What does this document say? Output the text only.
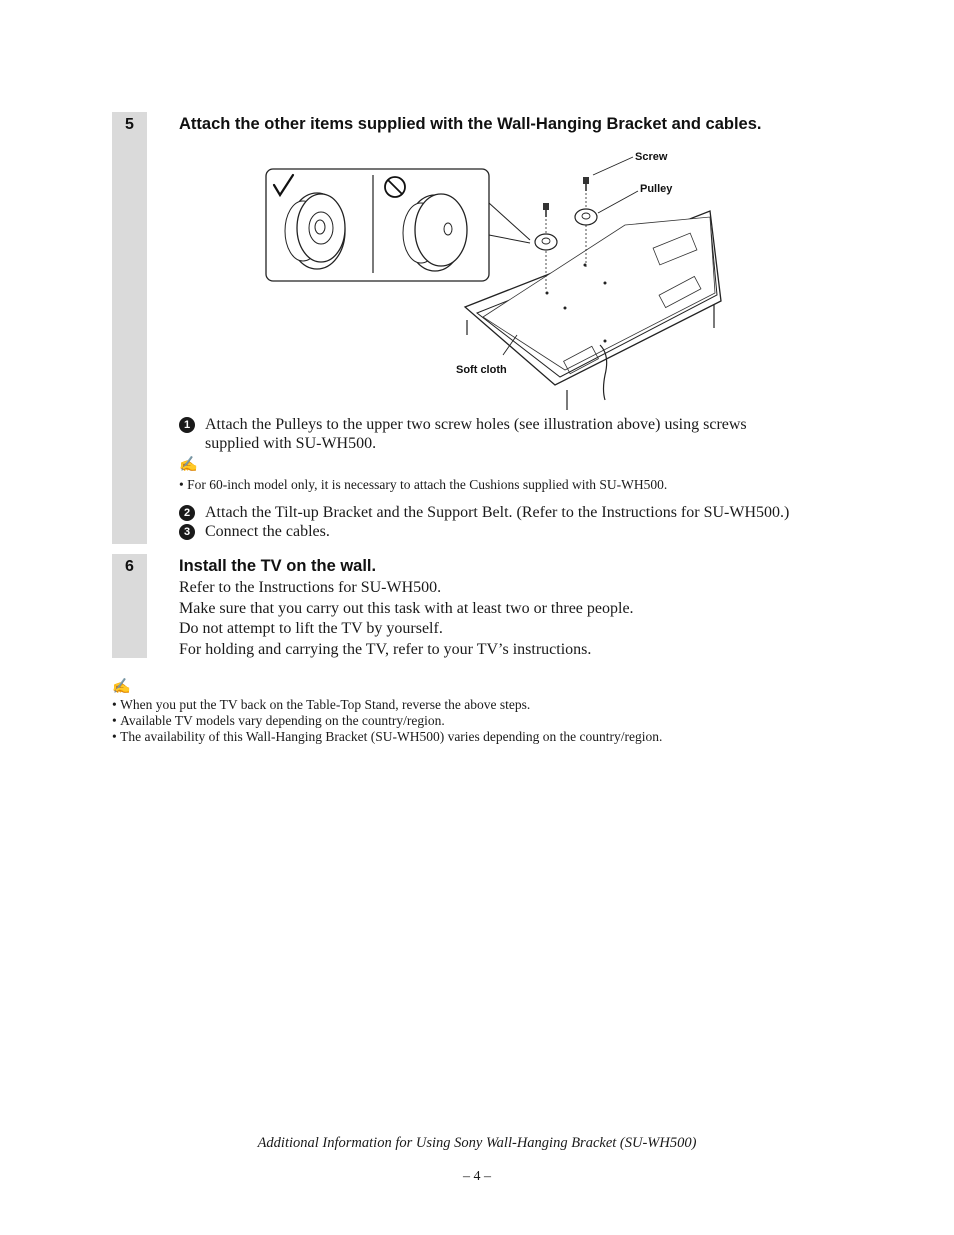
5	Attach the other items supplied with the Wall-Hanging Bracket and cables.
Screw
Pulley
Soft cloth
1 Attach the Pulleys to the upper two screw holes (see illustration above) using screws
supplied with SU-WH500.
✍
• For 60-inch model only, it is necessary to attach the Cushions supplied with SU-WH500.
2 Attach the Tilt-up Bracket and the Support Belt. (Refer to the Instructions for SU-WH500.)
3 Connect the cables.
6	Install the TV on the wall.
Refer to the Instructions for SU-WH500.
Make sure that you carry out this task with at least two or three people.
Do not attempt to lift the TV by yourself.
For holding and carrying the TV, refer to your TV’s instructions.
✍
• When you put the TV back on the Table-Top Stand, reverse the above steps.
• Available TV models vary depending on the country/region.
• The availability of this Wall-Hanging Bracket (SU-WH500) varies depending on the country/region.
Additional Information for Using Sony Wall-Hanging Bracket (SU-WH500)
– 4 –
